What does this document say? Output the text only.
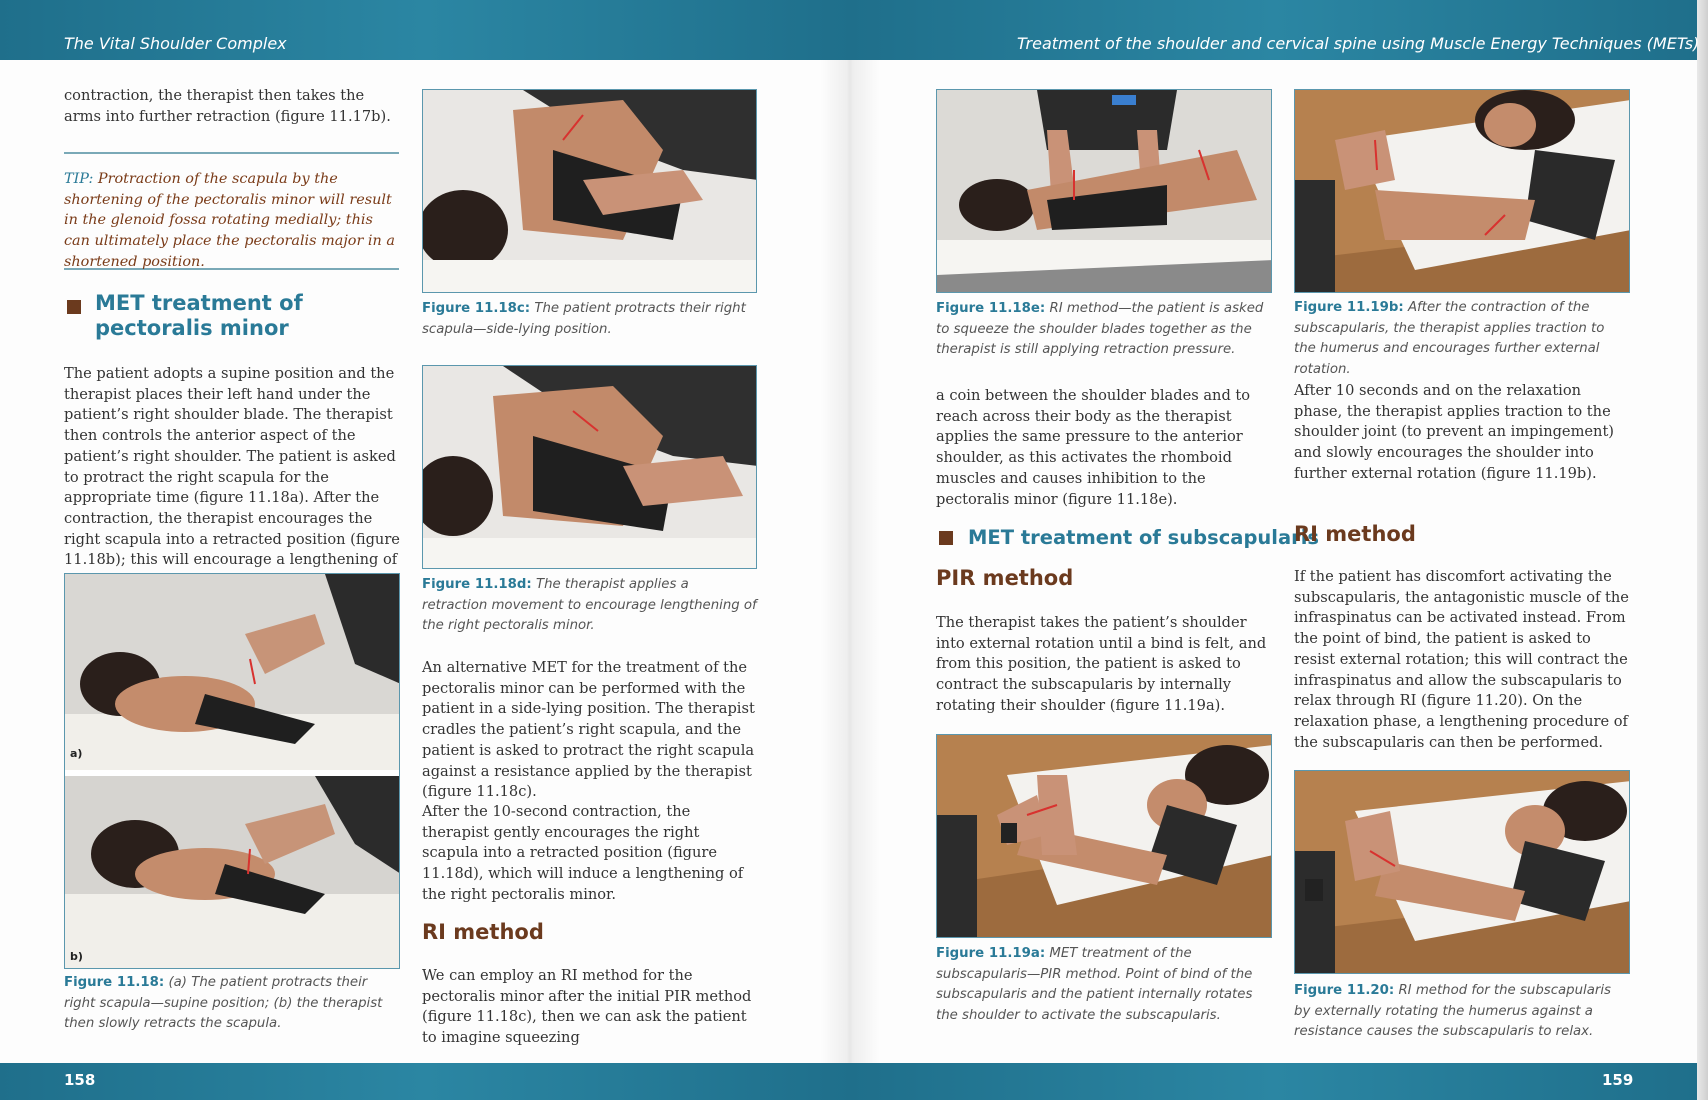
The Vital Shoulder Complex	Treatment of the shoulder and cervical spine using Muscle Energy Techniques (METs)
158	159

contraction, the therapist then takes the arms into further retraction (figure 11.17b).

TIP: Protraction of the scapula by the shortening of the pectoralis minor will result in the glenoid fossa rotating medially; this can ultimately place the pectoralis major in a shortened position.

MET treatment of pectoralis minor

The patient adopts a supine position and the therapist places their left hand under the patient’s right shoulder blade. The therapist then controls the anterior aspect of the patient’s right shoulder. The patient is asked to protract the right scapula for the appropriate time (figure 11.18a). After the contraction, the therapist encourages the right scapula into a retracted position (figure 11.18b); this will encourage a lengthening of

a)
b)

Figure 11.18: (a) The patient protracts their right scapula—supine position; (b) the therapist then slowly retracts the scapula.

Figure 11.18c: The patient protracts their right scapula—side-lying position.

Figure 11.18d: The therapist applies a retraction movement to encourage lengthening of the right pectoralis minor.

An alternative MET for the treatment of the pectoralis minor can be performed with the patient in a side-lying position. The therapist cradles the patient’s right scapula, and the patient is asked to protract the right scapula against a resistance applied by the therapist (figure 11.18c).

After the 10-second contraction, the therapist gently encourages the right scapula into a retracted position (figure 11.18d), which will induce a lengthening of the right pectoralis minor.

RI method

We can employ an RI method for the pectoralis minor after the initial PIR method (figure 11.18c), then we can ask the patient to imagine squeezing

Figure 11.18e: RI method—the patient is asked to squeeze the shoulder blades together as the therapist is still applying retraction pressure.

a coin between the shoulder blades and to reach across their body as the therapist applies the same pressure to the anterior shoulder, as this activates the rhomboid muscles and causes inhibition to the pectoralis minor (figure 11.18e).

MET treatment of subscapularis
PIR method

The therapist takes the patient’s shoulder into external rotation until a bind is felt, and from this position, the patient is asked to contract the subscapularis by internally rotating their shoulder (figure 11.19a).

Figure 11.19a: MET treatment of the subscapularis—PIR method. Point of bind of the subscapularis and the patient internally rotates the shoulder to activate the subscapularis.

Figure 11.19b: After the contraction of the subscapularis, the therapist applies traction to the humerus and encourages further external rotation.

After 10 seconds and on the relaxation phase, the therapist applies traction to the shoulder joint (to prevent an impingement) and slowly encourages the shoulder into further external rotation (figure 11.19b).

RI method

If the patient has discomfort activating the subscapularis, the antagonistic muscle of the infraspinatus can be activated instead. From the point of bind, the patient is asked to resist external rotation; this will contract the infraspinatus and allow the subscapularis to relax through RI (figure 11.20). On the relaxation phase, a lengthening procedure of the subscapularis can then be performed.

Figure 11.20: RI method for the subscapularis by externally rotating the humerus against a resistance causes the subscapularis to relax.
